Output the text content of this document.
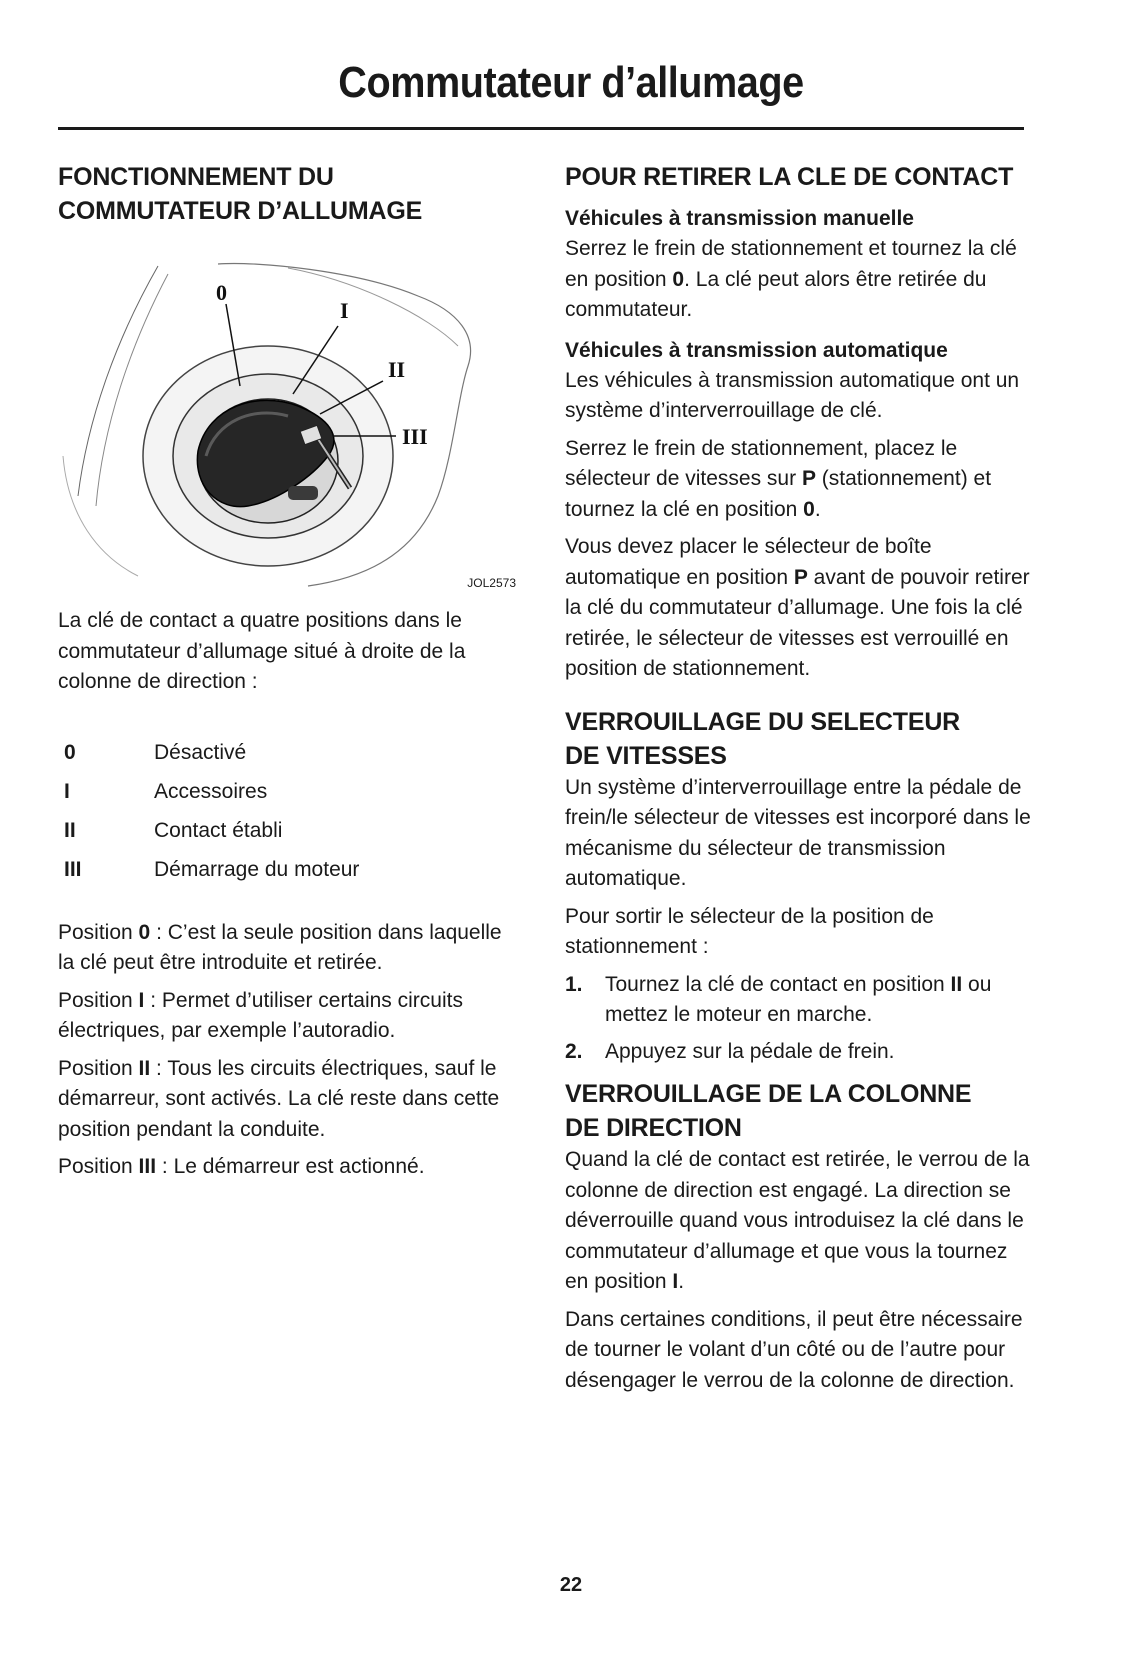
Commutateur d’allumage
FONCTIONNEMENT DU COMMUTATEUR D’ALLUMAGE
0
I
II
III
JOL2573

La clé de contact a quatre positions dans le commutateur d’allumage situé à droite de la colonne de direction :

0	Désactivé
I	Accessoires
II	Contact établi
III	Démarrage du moteur

Position 0 : C’est la seule position dans laquelle la clé peut être introduite et retirée.

Position I : Permet d’utiliser certains circuits électriques, par exemple l’autoradio.

Position II : Tous les circuits électriques, sauf le démarreur, sont activés. La clé reste dans cette position pendant la conduite.

Position III : Le démarreur est actionné.

POUR RETIRER LA CLE DE CONTACT
Véhicules à transmission manuelle

Serrez le frein de stationnement et tournez la clé en position 0. La clé peut alors être retirée du commutateur.

Véhicules à transmission automatique

Les véhicules à transmission automatique ont un système d’interverrouillage de clé.

Serrez le frein de stationnement, placez le sélecteur de vitesses sur P (stationnement) et tournez la clé en position 0.

Vous devez placer le sélecteur de boîte automatique en position P avant de pouvoir retirer la clé du commutateur d’allumage. Une fois la clé retirée, le sélecteur de vitesses est verrouillé en position de stationnement.

VERROUILLAGE DU SELECTEUR
DE VITESSES

Un système d’interverrouillage entre la pédale de frein/le sélecteur de vitesses est incorporé dans le mécanisme du sélecteur de transmission automatique.

Pour sortir le sélecteur de la position de stationnement :

1.	Tournez la clé de contact en position II ou mettez le moteur en marche.
2.	Appuyez sur la pédale de frein.
VERROUILLAGE DE LA COLONNE
DE DIRECTION

Quand la clé de contact est retirée, le verrou de la colonne de direction est engagé. La direction se déverrouille quand vous introduisez la clé dans le commutateur d’allumage et que vous la tournez en position I.

Dans certaines conditions, il peut être nécessaire de tourner le volant d’un côté ou de l’autre pour désengager le verrou de la colonne de direction.

22
